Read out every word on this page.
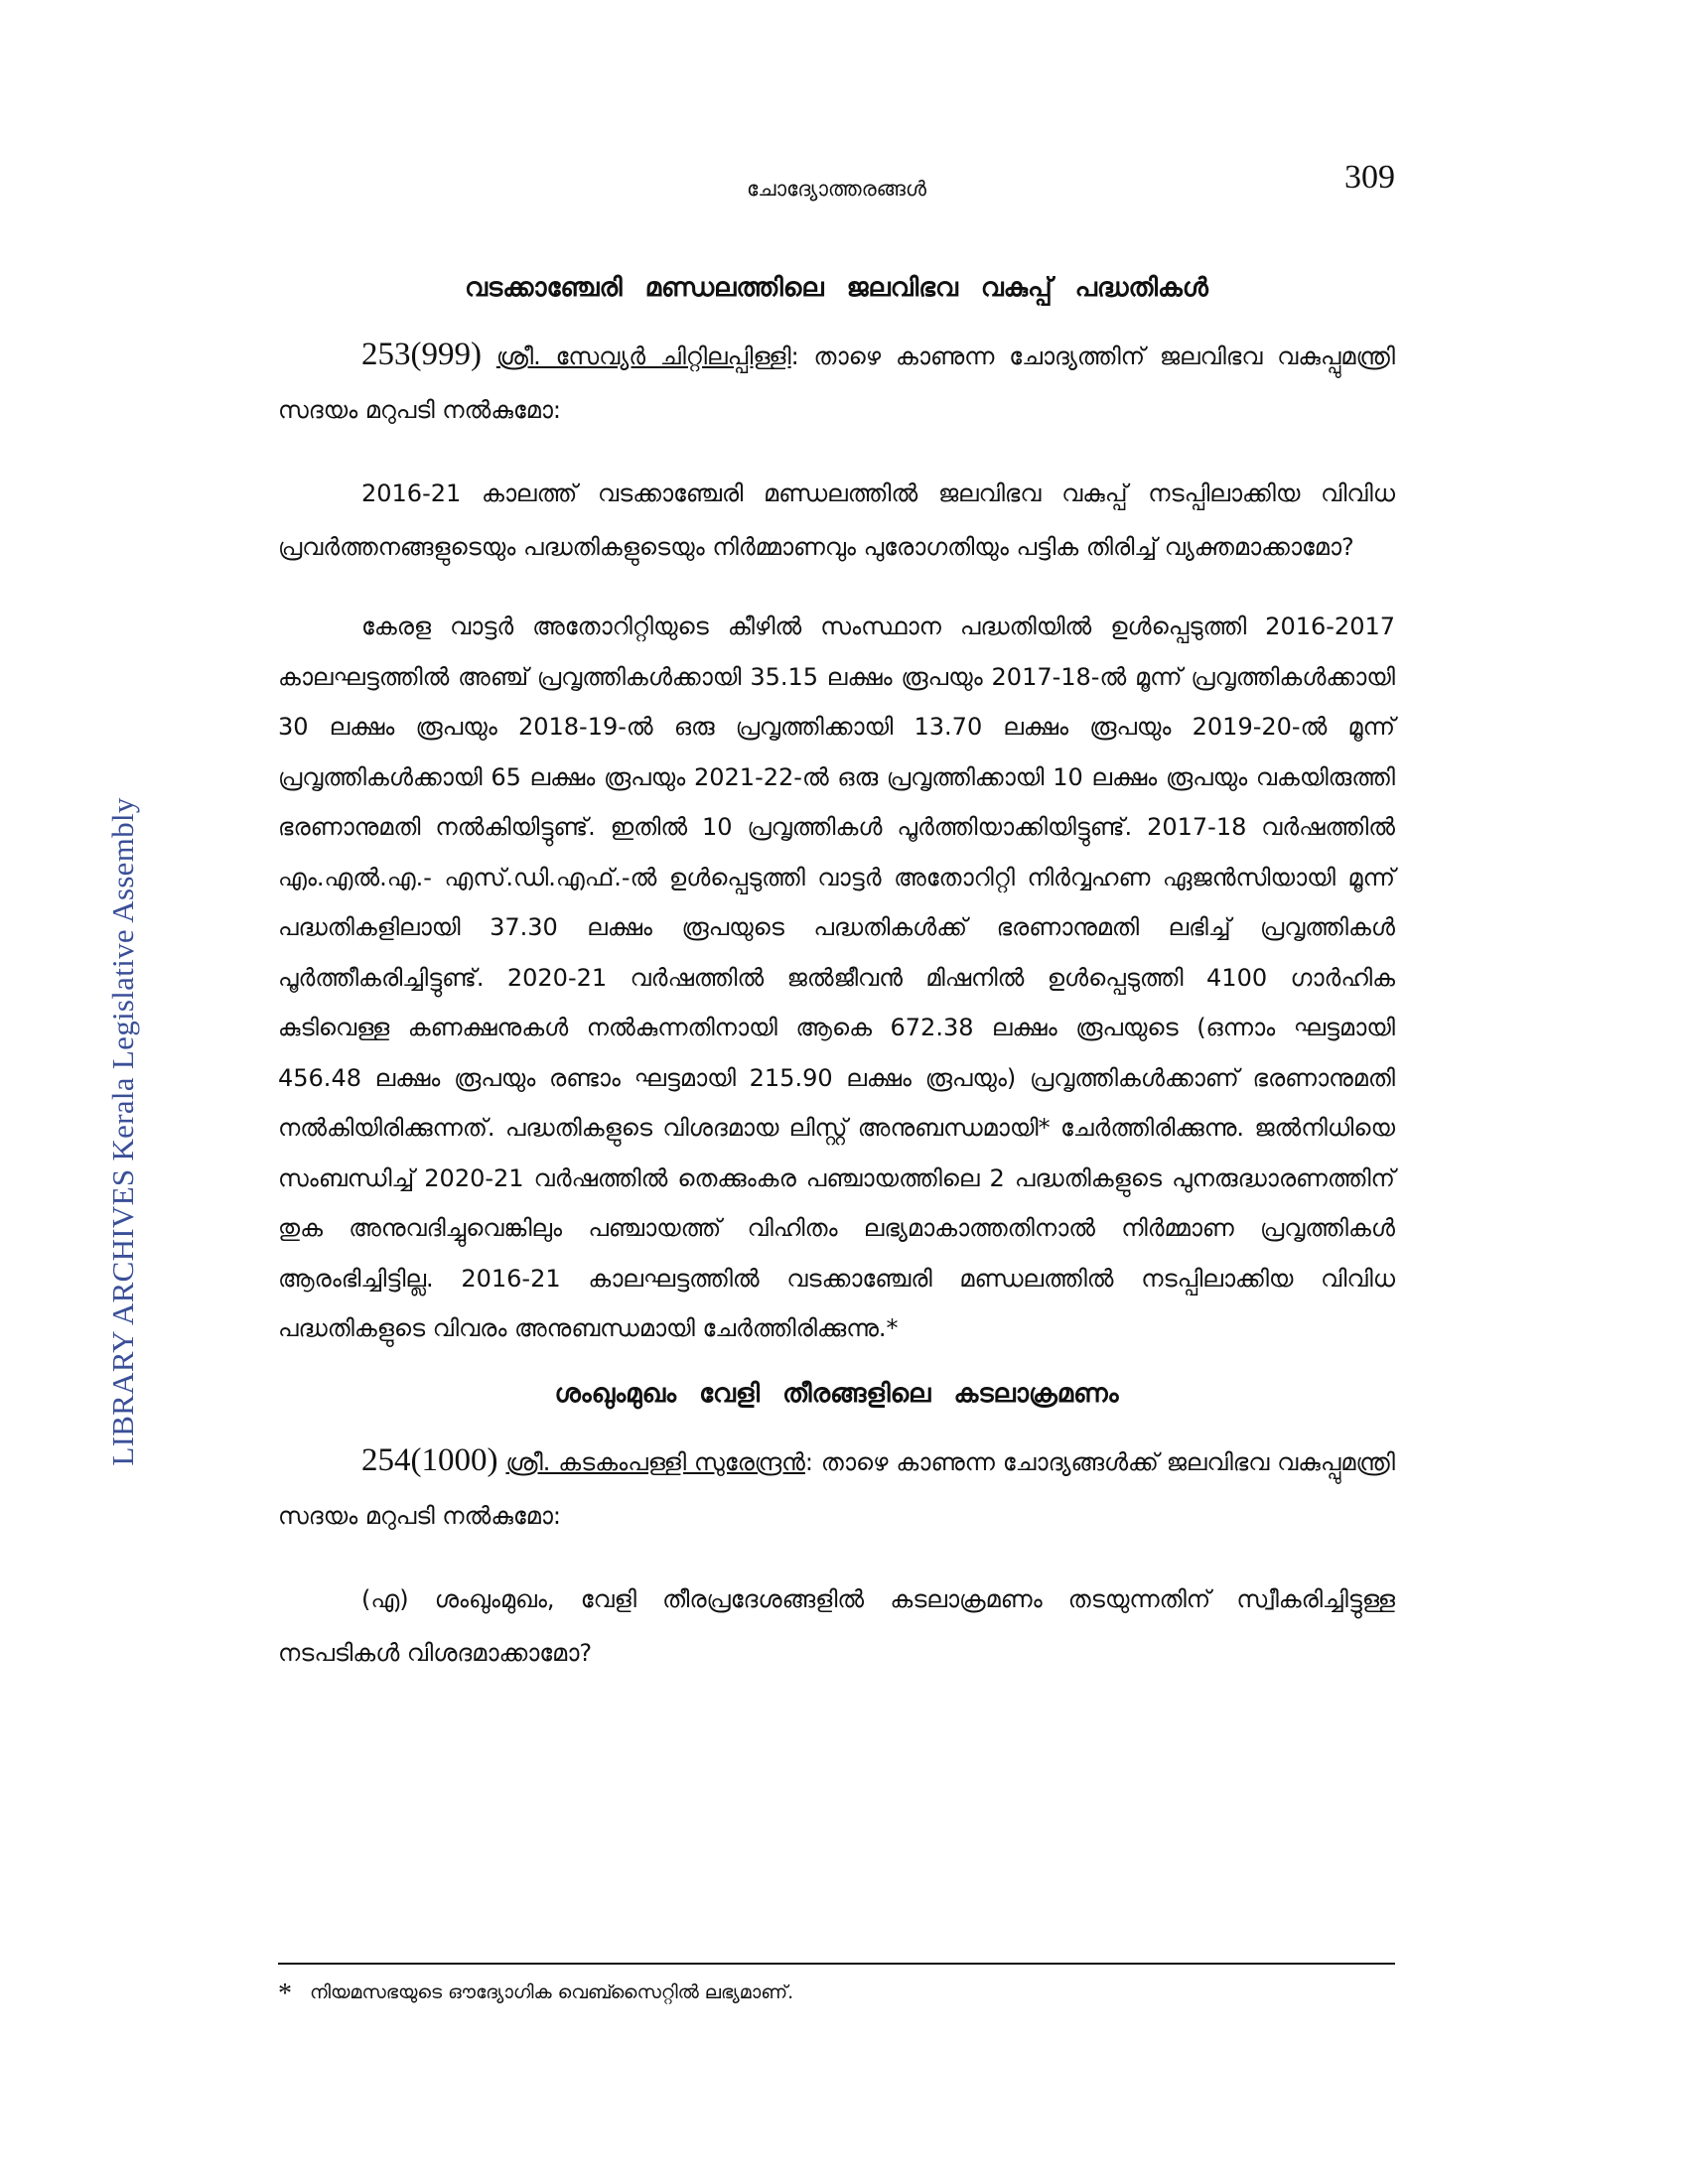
ചോദ്യോത്തരങ്ങൾ	309
LIBRARY ARCHIVES Kerala Legislative Assembly
വടക്കാഞ്ചേരി മണ്ഡലത്തിലെ ജലവിഭവ വകുപ്പ് പദ്ധതികൾ

253(999) ശ്രീ. സേവ്യർ ചിറ്റിലപ്പിള്ളി: താഴെ കാണുന്ന ചോദ്യത്തിന് ജലവിഭവ വകുപ്പുമന്ത്രി സദയം മറുപടി നൽകുമോ:

2016-21 കാലത്ത് വടക്കാഞ്ചേരി മണ്ഡലത്തിൽ ജലവിഭവ വകുപ്പ് നടപ്പിലാക്കിയ വിവിധ പ്രവർത്തനങ്ങളുടെയും പദ്ധതികളുടെയും നിർമ്മാണവും പുരോഗതിയും പട്ടിക തിരിച്ച് വ്യക്തമാക്കാമോ?

കേരള വാട്ടർ അതോറിറ്റിയുടെ കീഴിൽ സംസ്ഥാന പദ്ധതിയിൽ ഉൾപ്പെടുത്തി 2016-2017 കാലഘട്ടത്തിൽ അഞ്ച് പ്രവൃത്തികൾക്കായി 35.15 ലക്ഷം രൂപയും 2017-18-ൽ മൂന്ന് പ്രവൃത്തികൾക്കായി 30 ലക്ഷം രൂപയും 2018-19-ൽ ഒരു പ്രവൃത്തിക്കായി 13.70 ലക്ഷം രൂപയും 2019-20-ൽ മൂന്ന് പ്രവൃത്തികൾക്കായി 65 ലക്ഷം രൂപയും 2021-22-ൽ ഒരു പ്രവൃത്തിക്കായി 10 ലക്ഷം രൂപയും വകയിരുത്തി ഭരണാനുമതി നൽകിയിട്ടുണ്ട്. ഇതിൽ 10 പ്രവൃത്തികൾ പൂർത്തിയാക്കിയിട്ടുണ്ട്. 2017-18 വർഷത്തിൽ എം.എൽ.എ.- എസ്.ഡി.എഫ്.-ൽ ഉൾപ്പെടുത്തി വാട്ടർ അതോറിറ്റി നിർവ്വഹണ ഏജൻസിയായി മൂന്ന് പദ്ധതികളിലായി 37.30 ലക്ഷം രൂപയുടെ പദ്ധതികൾക്ക് ഭരണാനുമതി ലഭിച്ച് പ്രവൃത്തികൾ പൂർത്തീകരിച്ചിട്ടുണ്ട്. 2020-21 വർഷത്തിൽ ജൽജീവൻ മിഷനിൽ ഉൾപ്പെടുത്തി 4100 ഗാർഹിക കുടിവെള്ള കണക്ഷനുകൾ നൽകുന്നതിനായി ആകെ 672.38 ലക്ഷം രൂപയുടെ (ഒന്നാം ഘട്ടമായി 456.48 ലക്ഷം രൂപയും രണ്ടാം ഘട്ടമായി 215.90 ലക്ഷം രൂപയും) പ്രവൃത്തികൾക്കാണ് ഭരണാനുമതി നൽകിയിരിക്കുന്നത്. പദ്ധതികളുടെ വിശദമായ ലിസ്റ്റ് അനുബന്ധമായി* ചേർത്തിരിക്കുന്നു. ജൽനിധിയെ സംബന്ധിച്ച് 2020-21 വർഷത്തിൽ തെക്കുംകര പഞ്ചായത്തിലെ 2 പദ്ധതികളുടെ പുനരുദ്ധാരണത്തിന് തുക അനുവദിച്ചുവെങ്കിലും പഞ്ചായത്ത് വിഹിതം ലഭ്യമാകാത്തതിനാൽ നിർമ്മാണ പ്രവൃത്തികൾ ആരംഭിച്ചിട്ടില്ല. 2016-21 കാലഘട്ടത്തിൽ വടക്കാഞ്ചേരി മണ്ഡലത്തിൽ നടപ്പിലാക്കിയ വിവിധ പദ്ധതികളുടെ വിവരം അനുബന്ധമായി ചേർത്തിരിക്കുന്നു.*

ശംഖുംമുഖം വേളി തീരങ്ങളിലെ കടലാക്രമണം

254(1000) ശ്രീ. കടകംപള്ളി സുരേന്ദ്രൻ: താഴെ കാണുന്ന ചോദ്യങ്ങൾക്ക് ജലവിഭവ വകുപ്പുമന്ത്രി സദയം മറുപടി നൽകുമോ:

(എ) ശംഖുംമുഖം, വേളി തീരപ്രദേശങ്ങളിൽ കടലാക്രമണം തടയുന്നതിന് സ്വീകരിച്ചിട്ടുള്ള നടപടികൾ വിശദമാക്കാമോ?

* നിയമസഭയുടെ ഔദ്യോഗിക വെബ്സൈറ്റിൽ ലഭ്യമാണ്.
